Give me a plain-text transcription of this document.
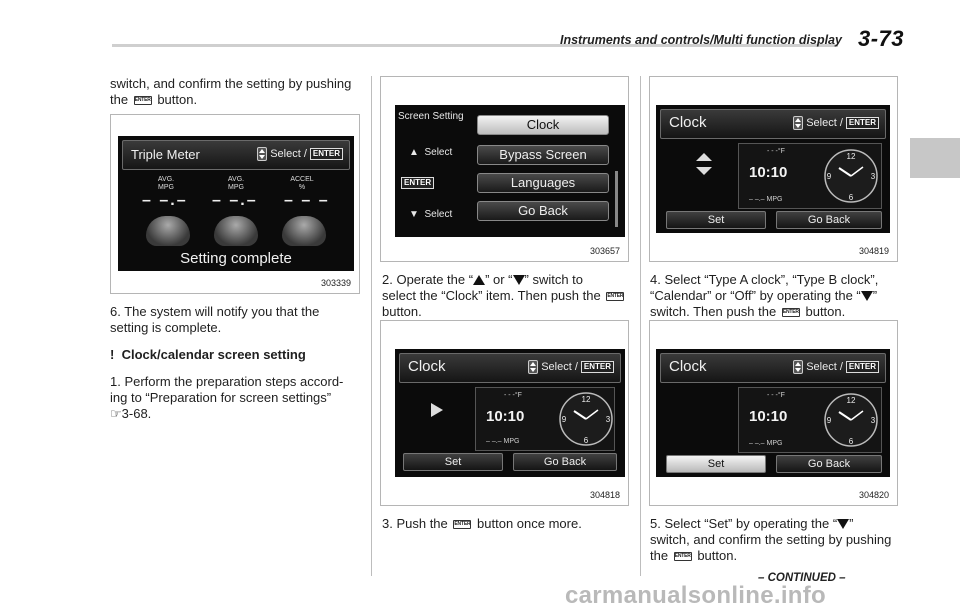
Instruments and controls/Multi function display 3-73
switch, and confirm the setting by pushing
the ENTER button.
Triple Meter	Select / ENTER
AVG.
MPG
– –.–
AVG.
MPG
– –.–
ACCEL
%
– – –
Setting complete
303339
6. The system will notify you that the
setting is complete.
! Clock/calendar screen setting
1. Perform the preparation steps accord-
ing to “Preparation for screen settings”
☞3-68.
Screen Setting
▲  Select
ENTER
▼  Select
Clock
Bypass Screen
Languages
Go Back
303657
2. Operate the “ ” or “ ” switch to
select the “Clock” item. Then push the ENTER
button.
Clock	Select / ENTER
- - -°F
10:10
– –.– MPG
12
3
6
9
Set	Go Back
304818
3. Push the ENTER button once more.
Clock	Select / ENTER
- - -°F
10:10
– –.– MPG
12
3
6
9
Set	Go Back
304819
4. Select “Type A clock”, “Type B clock”,
“Calendar” or “Off” by operating the “ ”
switch. Then push the ENTER button.
Clock	Select / ENTER
- - -°F
10:10
– –.– MPG
12
3
6
9
Set	Go Back
304820
5. Select “Set” by operating the “ ”
switch, and confirm the setting by pushing
the ENTER button.
– CONTINUED –
carmanualsonline.info
